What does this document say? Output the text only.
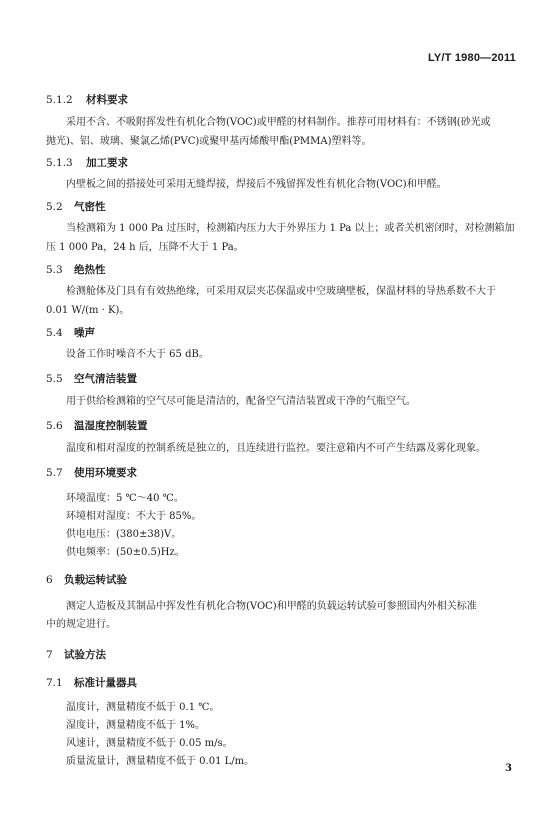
LY/T 1980—2011
5.1.2 材料要求
采用不含、不吸附挥发性有机化合物(VOC)或甲醛的材料制作。推荐可用材料有：不锈钢(砂光或
抛光)、铝、玻璃、聚氯乙烯(PVC)或聚甲基丙烯酸甲酯(PMMA)塑料等。
5.1.3 加工要求
内壁板之间的搭接处可采用无缝焊接，焊接后不残留挥发性有机化合物(VOC)和甲醛。
5.2 气密性
当检测箱为 1 000 Pa 过压时，检测箱内压力大于外界压力 1 Pa 以上；或者关机密闭时，对检测箱加
压 1 000 Pa，24 h 后，压降不大于 1 Pa。
5.3 绝热性
检测舱体及门具有有效热绝缘，可采用双层夹芯保温或中空玻璃壁板，保温材料的导热系数不大于
0.01 W/(m · K)。
5.4 噪声
设备工作时噪音不大于 65 dB。
5.5 空气清洁装置
用于供给检测箱的空气尽可能是清洁的，配备空气清洁装置或干净的气瓶空气。
5.6 温湿度控制装置
温度和相对湿度的控制系统是独立的，且连续进行监控。要注意箱内不可产生结露及雾化现象。
5.7 使用环境要求
环境温度：5 ℃～40 ℃。
环境相对湿度：不大于 85%。
供电电压：(380±38)V。
供电频率：(50±0.5)Hz。
6 负载运转试验
测定人造板及其制品中挥发性有机化合物(VOC)和甲醛的负载运转试验可参照国内外相关标准
中的规定进行。
7 试验方法
7.1 标准计量器具
温度计，测量精度不低于 0.1 ℃。
湿度计，测量精度不低于 1%。
风速计，测量精度不低于 0.05 m/s。
质量流量计，测量精度不低于 0.01 L/m。
3
